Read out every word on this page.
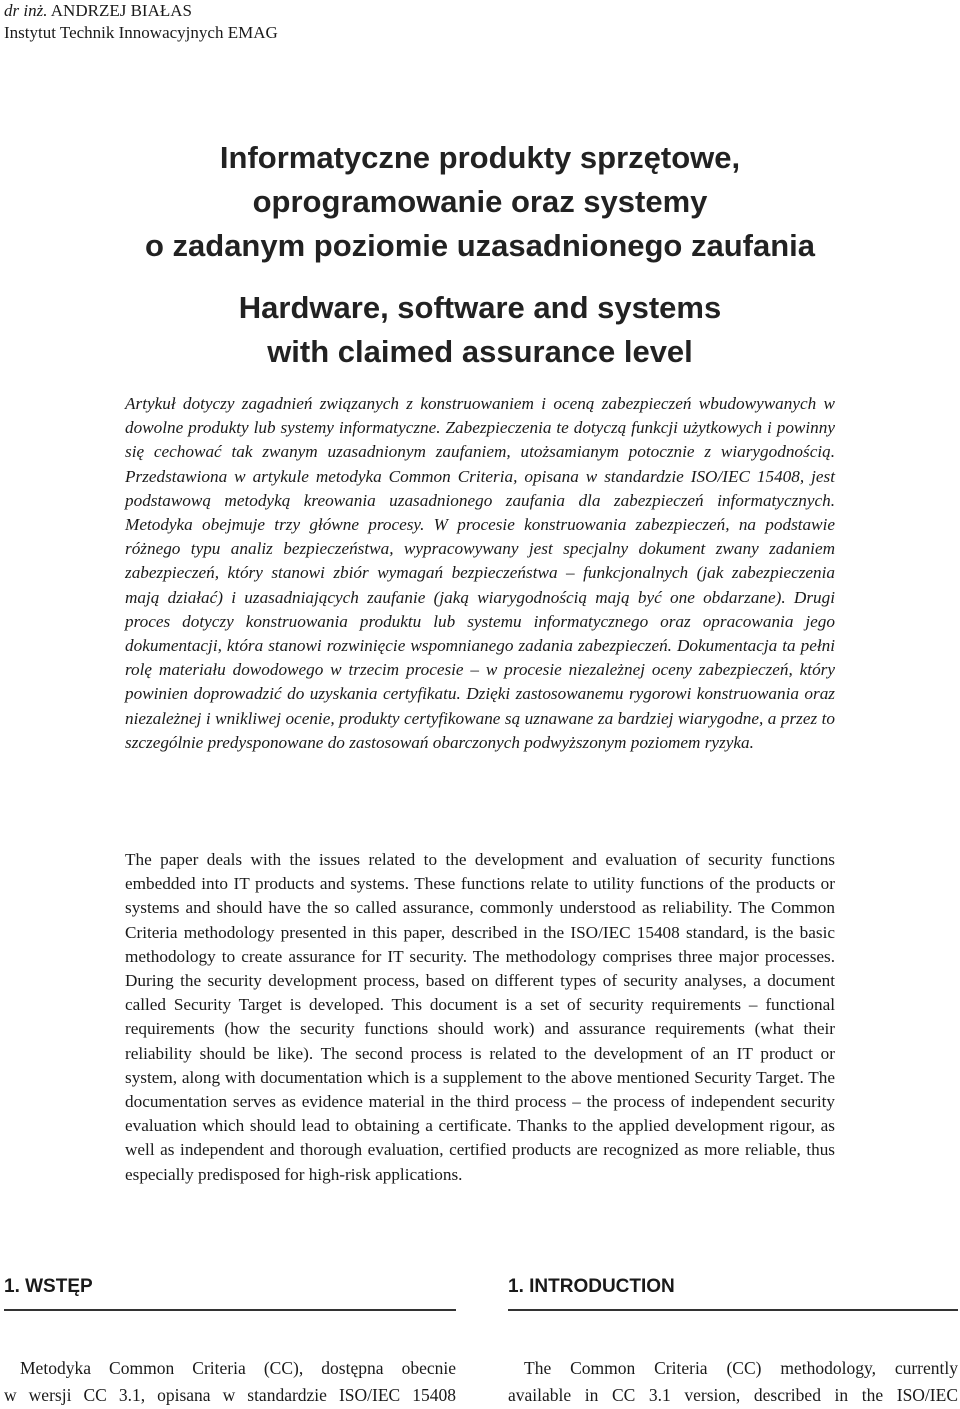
dr inż. ANDRZEJ BIAŁAS
Instytut Technik Innowacyjnych EMAG
Informatyczne produkty sprzętowe,
oprogramowanie oraz systemy
o zadanym poziomie uzasadnionego zaufania
Hardware, software and systems
with claimed assurance level
Artykuł dotyczy zagadnień związanych z konstruowaniem i oceną zabezpieczeń wbudowywanych w dowolne produkty lub systemy informatyczne. Zabezpieczenia te dotyczą funkcji użytkowych i powinny się cechować tak zwanym uzasadnionym zaufaniem, utożsamianym potocznie z wiarygodnością. Przedstawiona w artykule metodyka Common Criteria, opisana w standardzie ISO/IEC 15408, jest podstawową metodyką kreowania uzasadnionego zaufania dla zabezpieczeń informatycznych. Metodyka obejmuje trzy główne procesy. W procesie konstruowania zabezpieczeń, na podstawie różnego typu analiz bezpieczeństwa, wypracowywany jest specjalny dokument zwany zadaniem zabezpieczeń, który stanowi zbiór wymagań bezpieczeństwa – funkcjonalnych (jak zabezpieczenia mają działać) i uzasadniających zaufanie (jaką wiarygodnością mają być one obdarzane). Drugi proces dotyczy konstruowania produktu lub systemu informatycznego oraz opracowania jego dokumentacji, która stanowi rozwinięcie wspomnianego zadania zabezpieczeń. Dokumentacja ta pełni rolę materiału dowodowego w trzecim procesie – w procesie niezależnej oceny zabezpieczeń, który powinien doprowadzić do uzyskania certyfikatu. Dzięki zastosowanemu rygorowi konstruowania oraz niezależnej i wnikliwej ocenie, produkty certyfikowane są uznawane za bardziej wiarygodne, a przez to szczególnie predysponowane do zastosowań obarczonych podwyższonym poziomem ryzyka.
The paper deals with the issues related to the development and evaluation of security functions embedded into IT products and systems. These functions relate to utility functions of the products or systems and should have the so called assurance, commonly understood as reliability. The Common Criteria methodology presented in this paper, described in the ISO/IEC 15408 standard, is the basic methodology to create assurance for IT security. The methodology comprises three major processes. During the security development process, based on different types of security analyses, a document called Security Target is developed. This document is a set of security requirements – functional requirements (how the security functions should work) and assurance requirements (what their reliability should be like). The second process is related to the development of an IT product or system, along with documentation which is a supplement to the above mentioned Security Target. The documentation serves as evidence material in the third process – the process of independent security evaluation which should lead to obtaining a certificate. Thanks to the applied development rigour, as well as independent and thorough evaluation, certified products are recognized as more reliable, thus especially predisposed for high-risk applications.
1. WSTĘP
Metodyka Common Criteria (CC), dostępna obecnie
w wersji CC 3.1, opisana w standardzie ISO/IEC 15408
1. INTRODUCTION
The Common Criteria (CC) methodology, currently
available in CC 3.1 version, described in the ISO/IEC
